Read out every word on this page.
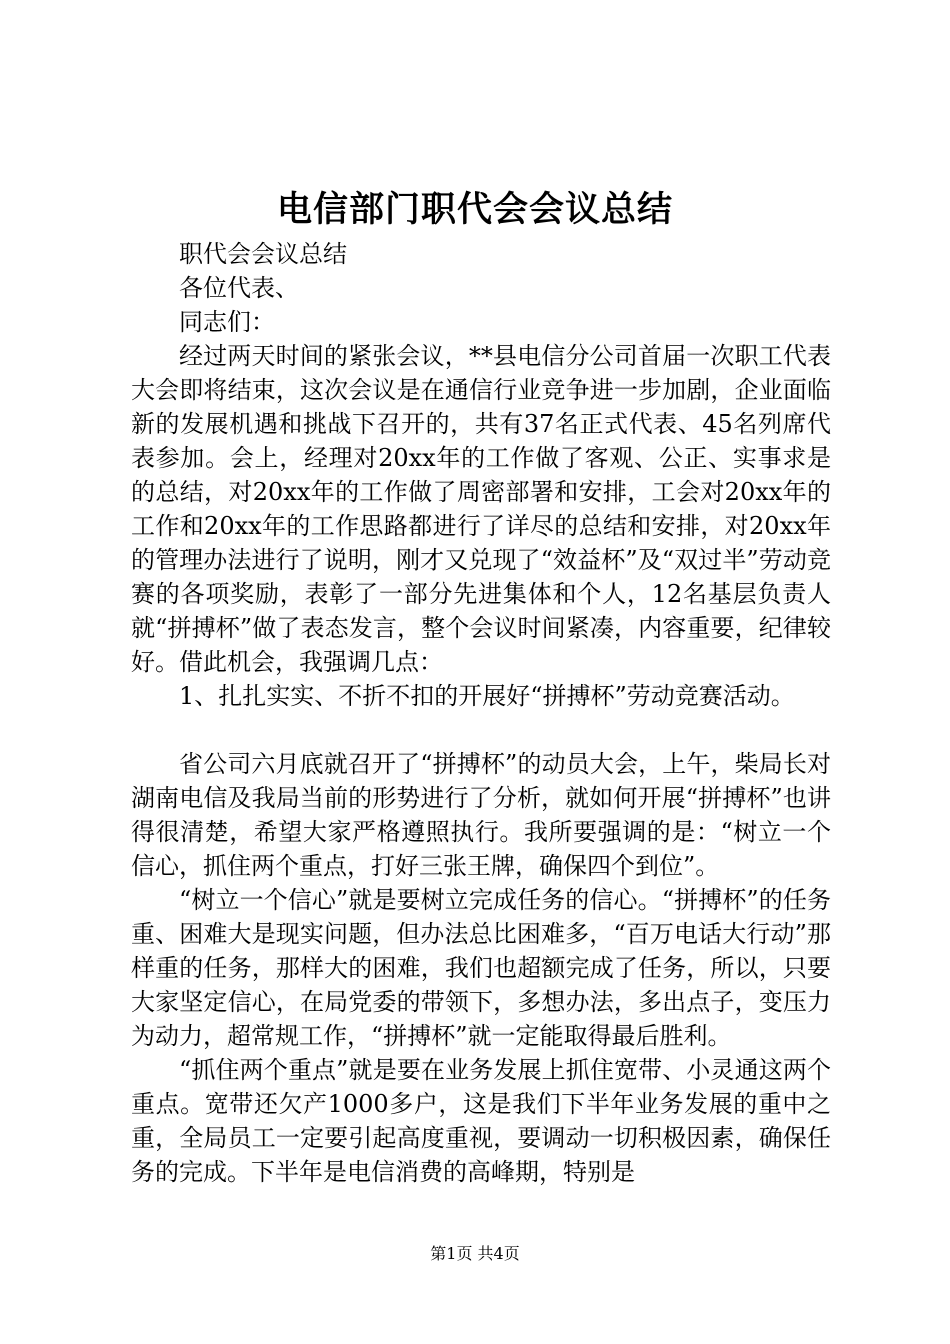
电信部门职代会会议总结

职代会会议总结

各位代表、

同志们：

经过两天时间的紧张会议，**县电信分公司首届一次职工代表大会即将结束，这次会议是在通信行业竞争进一步加剧，企业面临新的发展机遇和挑战下召开的，共有37名正式代表、45名列席代表参加。会上，经理对20xx年的工作做了客观、公正、实事求是的总结，对20xx年的工作做了周密部署和安排，工会对20xx年的工作和20xx年的工作思路都进行了详尽的总结和安排，对20xx年的管理办法进行了说明，刚才又兑现了“效益杯”及“双过半”劳动竞赛的各项奖励，表彰了一部分先进集体和个人，12名基层负责人就“拼搏杯”做了表态发言，整个会议时间紧凑，内容重要，纪律较好。借此机会，我强调几点：

1、扎扎实实、不折不扣的开展好“拼搏杯”劳动竞赛活动。

省公司六月底就召开了“拼搏杯”的动员大会，上午，柴局长对湖南电信及我局当前的形势进行了分析，就如何开展“拼搏杯”也讲得很清楚，希望大家严格遵照执行。我所要强调的是：“树立一个信心，抓住两个重点，打好三张王牌，确保四个到位”。

“树立一个信心”就是要树立完成任务的信心。“拼搏杯”的任务重、困难大是现实问题，但办法总比困难多，“百万电话大行动”那样重的任务，那样大的困难，我们也超额完成了任务，所以，只要大家坚定信心，在局党委的带领下，多想办法，多出点子，变压力为动力，超常规工作，“拼搏杯”就一定能取得最后胜利。

“抓住两个重点”就是要在业务发展上抓住宽带、小灵通这两个重点。宽带还欠产1000多户，这是我们下半年业务发展的重中之重，全局员工一定要引起高度重视，要调动一切积极因素，确保任务的完成。下半年是电信消费的高峰期，特别是

第1页 共4页
